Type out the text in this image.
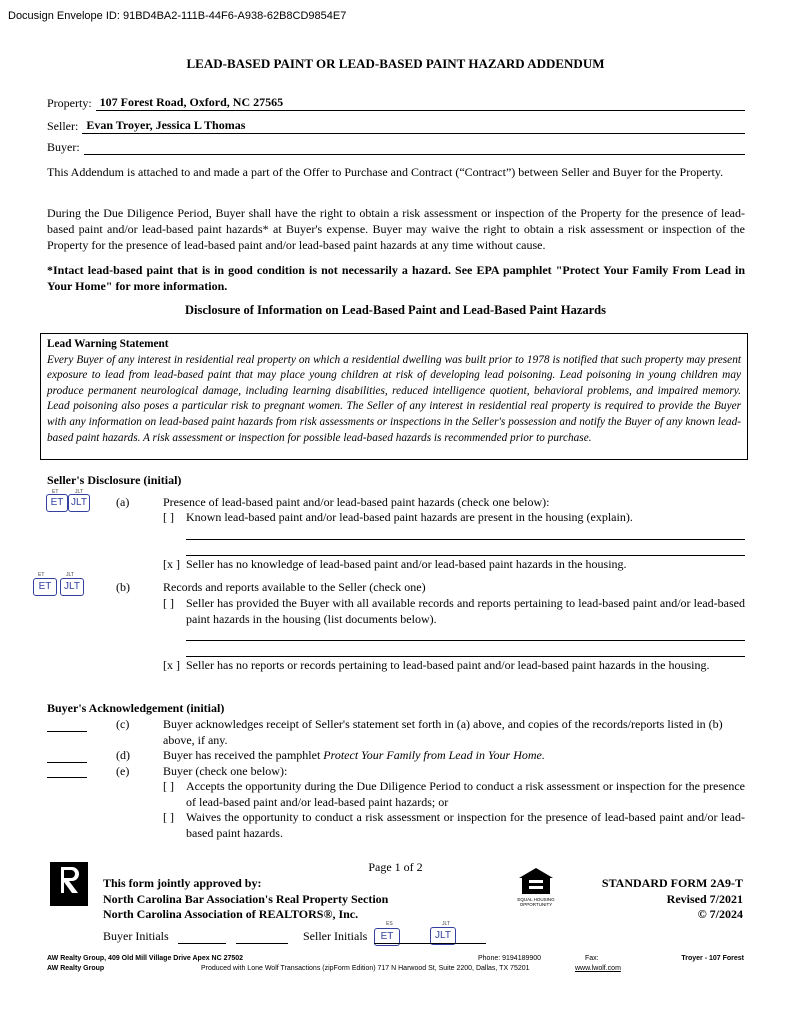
Docusign Envelope ID: 91BD4BA2-111B-44F6-A938-62B8CD9854E7
LEAD-BASED PAINT OR LEAD-BASED PAINT HAZARD ADDENDUM
Property: 107 Forest Road, Oxford, NC 27565
Seller: Evan Troyer, Jessica L Thomas
Buyer:
This Addendum is attached to and made a part of the Offer to Purchase and Contract (“Contract”) between Seller and Buyer for the Property.
During the Due Diligence Period, Buyer shall have the right to obtain a risk assessment or inspection of the Property for the presence of lead-based paint and/or lead-based paint hazards* at Buyer's expense. Buyer may waive the right to obtain a risk assessment or inspection of the Property for the presence of lead-based paint and/or lead-based paint hazards at any time without cause.
*Intact lead-based paint that is in good condition is not necessarily a hazard. See EPA pamphlet "Protect Your Family From Lead in Your Home" for more information.
Disclosure of Information on Lead-Based Paint and Lead-Based Paint Hazards
Lead Warning Statement
Every Buyer of any interest in residential real property on which a residential dwelling was built prior to 1978 is notified that such property may present exposure to lead from lead-based paint that may place young children at risk of developing lead poisoning. Lead poisoning in young children may produce permanent neurological damage, including learning disabilities, reduced intelligence quotient, behavioral problems, and impaired memory. Lead poisoning also poses a particular risk to pregnant women. The Seller of any interest in residential real property is required to provide the Buyer with any information on lead-based paint hazards from risk assessments or inspections in the Seller's possession and notify the Buyer of any known lead-based paint hazards. A risk assessment or inspection for possible lead-based hazards is recommended prior to purchase.
Seller's Disclosure (initial)
ET	JLT
ET JLT (a)	Presence of lead-based paint and/or lead-based paint hazards (check one below):
[ ] Known lead-based paint and/or lead-based paint hazards are present in the housing (explain).
[x ] Seller has no knowledge of lead-based paint and/or lead-based paint hazards in the housing.
ET	JLT
ET	JLT	(b)	Records and reports available to the Seller (check one)
[ ] Seller has provided the Buyer with all available records and reports pertaining to lead-based paint and/or lead-based paint hazards in the housing (list documents below).
[x ] Seller has no reports or records pertaining to lead-based paint and/or lead-based paint hazards in the housing.
Buyer's Acknowledgement (initial)
(c)	Buyer acknowledges receipt of Seller's statement set forth in (a) above, and copies of the records/reports listed in (b) above, if any.
(d)	Buyer has received the pamphlet Protect Your Family from Lead in Your Home.
(e)	Buyer (check one below):
[ ] Accepts the opportunity during the Due Diligence Period to conduct a risk assessment or inspection for the presence of lead-based paint and/or lead-based paint hazards; or
[ ] Waives the opportunity to conduct a risk assessment or inspection for the presence of lead-based paint and/or lead-based paint hazards.
Page 1 of 2
REALTOR®
This form jointly approved by:
North Carolina Bar Association's Real Property Section
North Carolina Association of REALTORS®, Inc.
EQUAL HOUSING OPPORTUNITY
STANDARD FORM 2A9-T
Revised 7/2021
© 7/2024
Buyer Initials	Seller Initials
ES	JLT
ET	JLT
AW Realty Group, 409 Old Mill Village Drive Apex NC 27502
AW Realty Group
Phone: 9194189900	Fax:	Troyer - 107 Forest
Produced with Lone Wolf Transactions (zipForm Edition) 717 N Harwood St, Suite 2200, Dallas, TX 75201	www.lwolf.com
